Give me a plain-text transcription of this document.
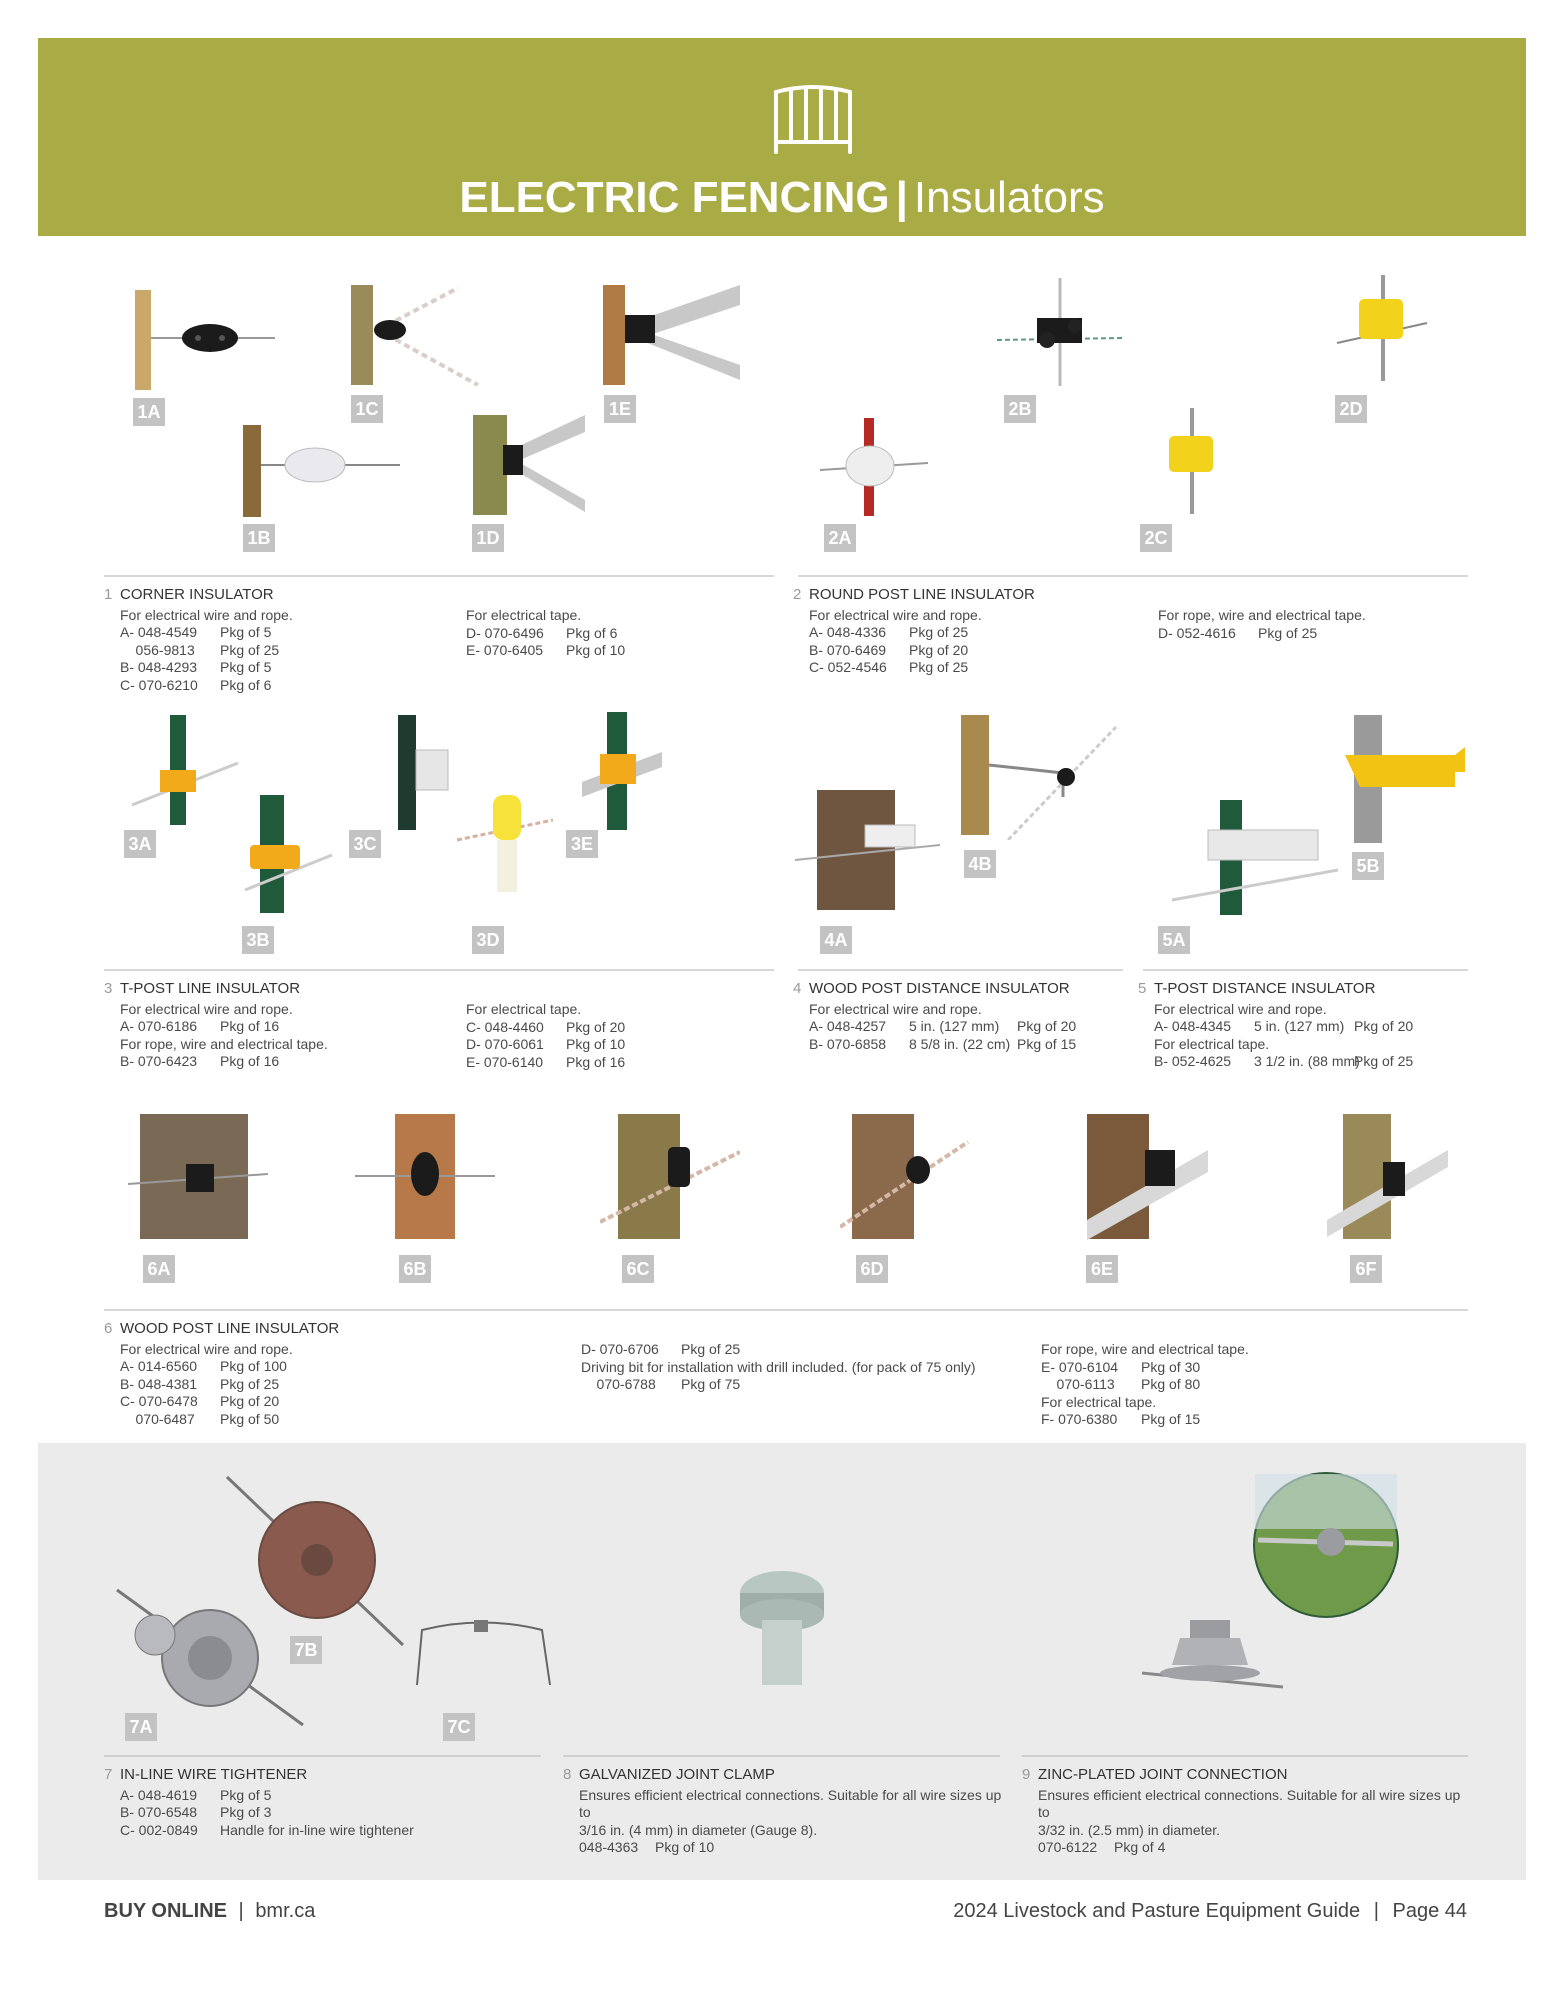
ELECTRIC FENCING | Insulators
1A	1C	1E
1B	1D
2B	2D
2A	2C
1 CORNER INSULATOR
For electrical wire and rope.
A- 048-4549 Pkg of 5
056-9813 Pkg of 25
B- 048-4293 Pkg of 5
C- 070-6210 Pkg of 6
For electrical tape.
D- 070-6496 Pkg of 6
E- 070-6405 Pkg of 10
2 ROUND POST LINE INSULATOR
For electrical wire and rope.
A- 048-4336 Pkg of 25
B- 070-6469 Pkg of 20
C- 052-4546 Pkg of 25
For rope, wire and electrical tape.
D- 052-4616 Pkg of 25
3A	3C	3E
3B	3D	4A
4B
5A
5B
3 T-POST LINE INSULATOR
For electrical wire and rope.
A- 070-6186 Pkg of 16
For rope, wire and electrical tape.
B- 070-6423 Pkg of 16
For electrical tape.
C- 048-4460 Pkg of 20
D- 070-6061 Pkg of 10
E- 070-6140 Pkg of 16
4 WOOD POST DISTANCE INSULATOR
For electrical wire and rope.
A- 048-4257 5 in. (127 mm) Pkg of 20
B- 070-6858 8 5/8 in. (22 cm) Pkg of 15
5 T-POST DISTANCE INSULATOR
For electrical wire and rope.
A- 048-4345 5 in. (127 mm) Pkg of 20
For electrical tape.
B- 052-4625 3 1/2 in. (88 mm)Pkg of 25
6A	6B	6C	6D	6E	6F
6 WOOD POST LINE INSULATOR
For electrical wire and rope.
A- 014-6560 Pkg of 100
B- 048-4381 Pkg of 25
C- 070-6478 Pkg of 20
070-6487 Pkg of 50
D- 070-6706 Pkg of 25
Driving bit for installation with drill included. (for pack of 75 only)
070-6788 Pkg of 75
For rope, wire and electrical tape.
E- 070-6104 Pkg of 30
070-6113 Pkg of 80
For electrical tape.
F- 070-6380 Pkg of 15
7A
7B
7C
7 IN-LINE WIRE TIGHTENER
A- 048-4619 Pkg of 5
B- 070-6548 Pkg of 3
C- 002-0849 Handle for in-line wire tightener
8 GALVANIZED JOINT CLAMP
Ensures efficient electrical connections. Suitable for all wire sizes up to
3/16 in. (4 mm) in diameter (Gauge 8).
048-4363 Pkg of 10
9 ZINC-PLATED JOINT CONNECTION
Ensures efficient electrical connections. Suitable for all wire sizes up to
3/32 in. (2.5 mm) in diameter.
070-6122 Pkg of 4
BUY ONLINE | bmr.ca	2024 Livestock and Pasture Equipment Guide | Page 44
